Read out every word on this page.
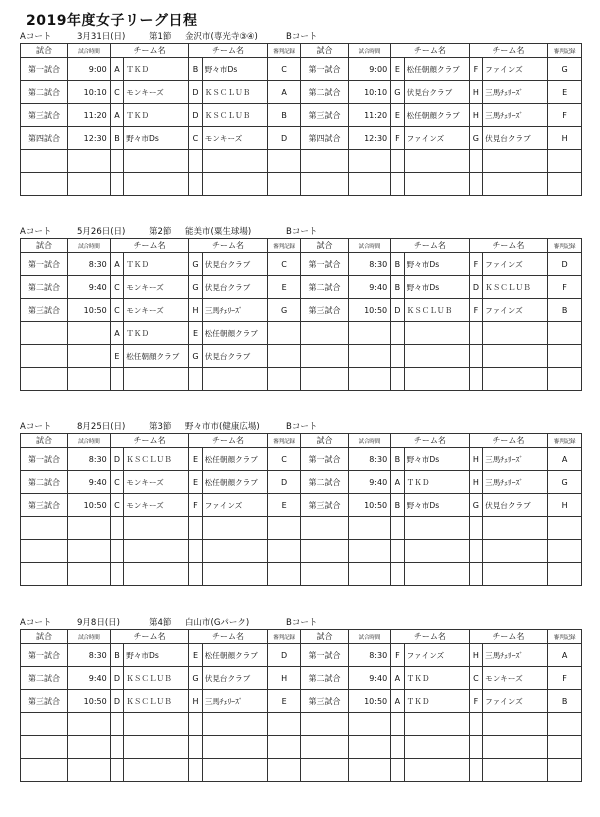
2019年度女子リーグ日程
Aコート	3月31日(日)	第1節 金沢市(専光寺③④)	Bコート
試合	試合時間	チーム名		チーム名		審判記録	試合	試合時間	チーム名		チーム名		審判記録
第一試合	9:00	A	ＴＫＤ	B	野々市Ds	C	第一試合	9:00	E	松任朝顔クラブ	F	ファインズ	G
第二試合	10:10	C	モンキーズ	D	ＫＳＣＬＵＢ	A	第二試合	10:10	G	伏見台クラブ	H	三馬ﾁｪﾘｰｽﾞ	E
第三試合	11:20	A	ＴＫＤ	D	ＫＳＣＬＵＢ	B	第三試合	11:20	E	松任朝顔クラブ	H	三馬ﾁｪﾘｰｽﾞ	F
第四試合	12:30	B	野々市Ds	C	モンキーズ	D	第四試合	12:30	F	ファインズ	G	伏見台クラブ	H

Aコート	5月26日(日)	第2節 能美市(粟生球場)	Bコート
試合	試合時間	チーム名		チーム名		審判記録	試合	試合時間	チーム名		チーム名		審判記録
第一試合	8:30	A	ＴＫＤ	G	伏見台クラブ	C	第一試合	8:30	B	野々市Ds	F	ファインズ	D
第二試合	9:40	C	モンキーズ	G	伏見台クラブ	E	第二試合	9:40	B	野々市Ds	D	ＫＳＣＬＵＢ	F
第三試合	10:50	C	モンキーズ	H	三馬ﾁｪﾘｰｽﾞ	G	第三試合	10:50	D	ＫＳＣＬＵＢ	F	ファインズ	B
		A	ＴＫＤ	E	松任朝顔クラブ								
		E	松任朝顔クラブ	G	伏見台クラブ								

Aコート	8月25日(日)	第3節 野々市市(健康広場)	Bコート
試合	試合時間	チーム名		チーム名		審判記録	試合	試合時間	チーム名		チーム名		審判記録
第一試合	8:30	D	ＫＳＣＬＵＢ	E	松任朝顔クラブ	C	第一試合	8:30	B	野々市Ds	H	三馬ﾁｪﾘｰｽﾞ	A
第二試合	9:40	C	モンキーズ	E	松任朝顔クラブ	D	第二試合	9:40	A	ＴＫＤ	H	三馬ﾁｪﾘｰｽﾞ	G
第三試合	10:50	C	モンキーズ	F	ファインズ	E	第三試合	10:50	B	野々市Ds	G	伏見台クラブ	H

Aコート	9月8日(日)	第4節 白山市(Gパーク)	Bコート
試合	試合時間	チーム名		チーム名		審判記録	試合	試合時間	チーム名		チーム名		審判記録
第一試合	8:30	B	野々市Ds	E	松任朝顔クラブ	D	第一試合	8:30	F	ファインズ	H	三馬ﾁｪﾘｰｽﾞ	A
第二試合	9:40	D	ＫＳＣＬＵＢ	G	伏見台クラブ	H	第二試合	9:40	A	ＴＫＤ	C	モンキーズ	F
第三試合	10:50	D	ＫＳＣＬＵＢ	H	三馬ﾁｪﾘｰｽﾞ	E	第三試合	10:50	A	ＴＫＤ	F	ファインズ	B
